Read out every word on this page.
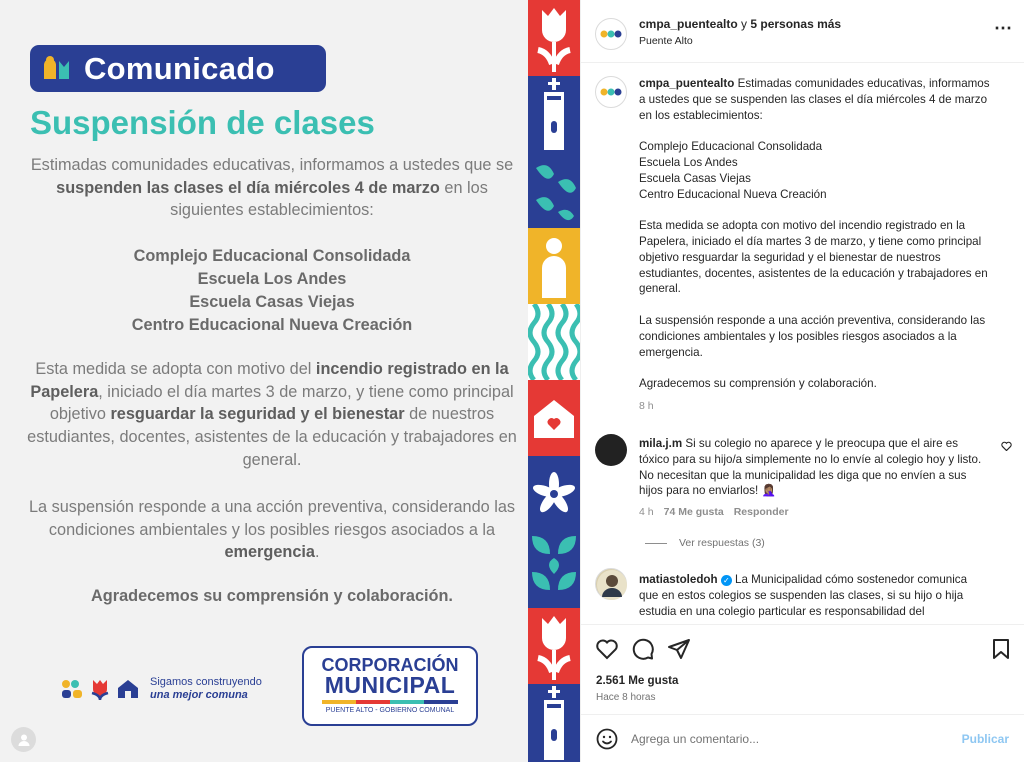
Comunicado
Suspensión de clases
Estimadas comunidades educativas, informamos a ustedes que se suspenden las clases el día miércoles 4 de marzo en los siguientes establecimientos:
Complejo Educacional Consolidada
Escuela Los Andes
Escuela Casas Viejas
Centro Educacional Nueva Creación
Esta medida se adopta con motivo del incendio registrado en la Papelera, iniciado el día martes 3 de marzo, y tiene como principal objetivo resguardar la seguridad y el bienestar de nuestros estudiantes, docentes, asistentes de la educación y trabajadores en general.
La suspensión responde a una acción preventiva, considerando las condiciones ambientales y los posibles riesgos asociados a la emergencia.
Agradecemos su comprensión y colaboración.
Sigamos construyendo
una mejor comuna
CORPORACIÓN
MUNICIPAL
PUENTE ALTO - GOBIERNO COMUNAL
cmpa_puentealto y 5 personas más
Puente Alto
⋯
cmpa_puentealto Estimadas comunidades educativas, informamos a ustedes que se suspenden las clases el día miércoles 4 de marzo en los establecimientos:
Complejo Educacional Consolidada
Escuela Los Andes
Escuela Casas Viejas
Centro Educacional Nueva Creación
Esta medida se adopta con motivo del incendio registrado en la Papelera, iniciado el día martes 3 de marzo, y tiene como principal objetivo resguardar la seguridad y el bienestar de nuestros estudiantes, docentes, asistentes de la educación y trabajadores en general.
La suspensión responde a una acción preventiva, considerando las condiciones ambientales y los posibles riesgos asociados a la emergencia.
Agradecemos su comprensión y colaboración.
8 h
mila.j.m Si su colegio no aparece y le preocupa que el aire es tóxico para su hijo/a simplemente no lo envíe al colegio hoy y listo. No necesitan que la municipalidad les diga que no envíen a sus hijos para no enviarlos! 🤦🏽‍♀️
4 h 74 Me gusta Responder
Ver respuestas (3)
matiastoledoh ✓ La Municipalidad cómo sostenedor comunica que en estos colegios se suspenden las clases, si su hijo o hija estudia en una colegio particular es responsabilidad del
2.561 Me gusta
Hace 8 horas
Agrega un comentario...
Publicar
